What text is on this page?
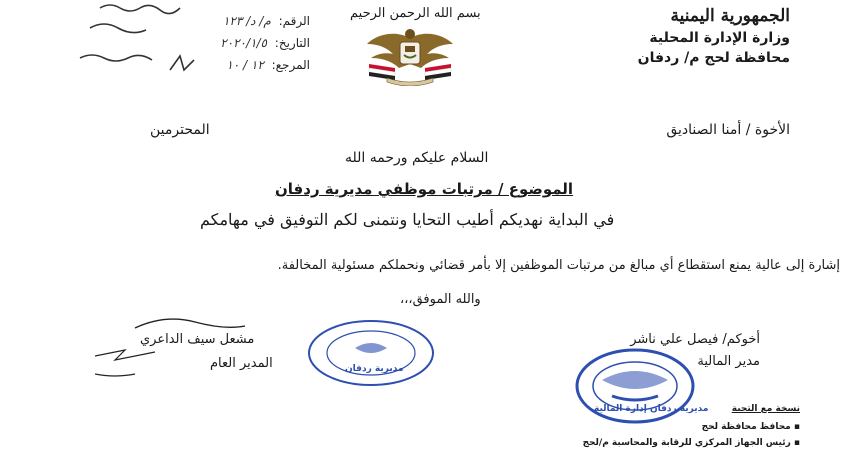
الجمهورية اليمنية
وزارة الإدارة المحلية
محافظة لحج م/ ردفان
بسم الله الرحمن الرحيم
الرقم: م/ د/ ١٢٣
التاريخ: ٢٠٢٠/١/٥
المرجع: ١٢ / ١٠
الأخوة / أمنا الصناديق
المحترمين
السلام عليكم ورحمه الله
الموضوع / مرتبات موظفي مديرية ردفان
في البداية نهديكم أطيب التحايا ونتمنى لكم التوفيق في مهامكم
إشارة إلى عالية يمنع استقطاع أي مبالغ من مرتبات الموظفين إلا بأمر قضائي ونحملكم مسئولية المخالفة.
والله الموفق،،،
مشعل سيف الداعري
المدير العام	مديرية ردفان
أخوكم/ فيصل علي ناشر
مدير المالية
مديرية ردفان إدارة المالية	نسخة مع التحية
▪ محافظ محافظة لحج
▪ رئيس الجهاز المركزي للرقابة والمحاسبة م/لحج
